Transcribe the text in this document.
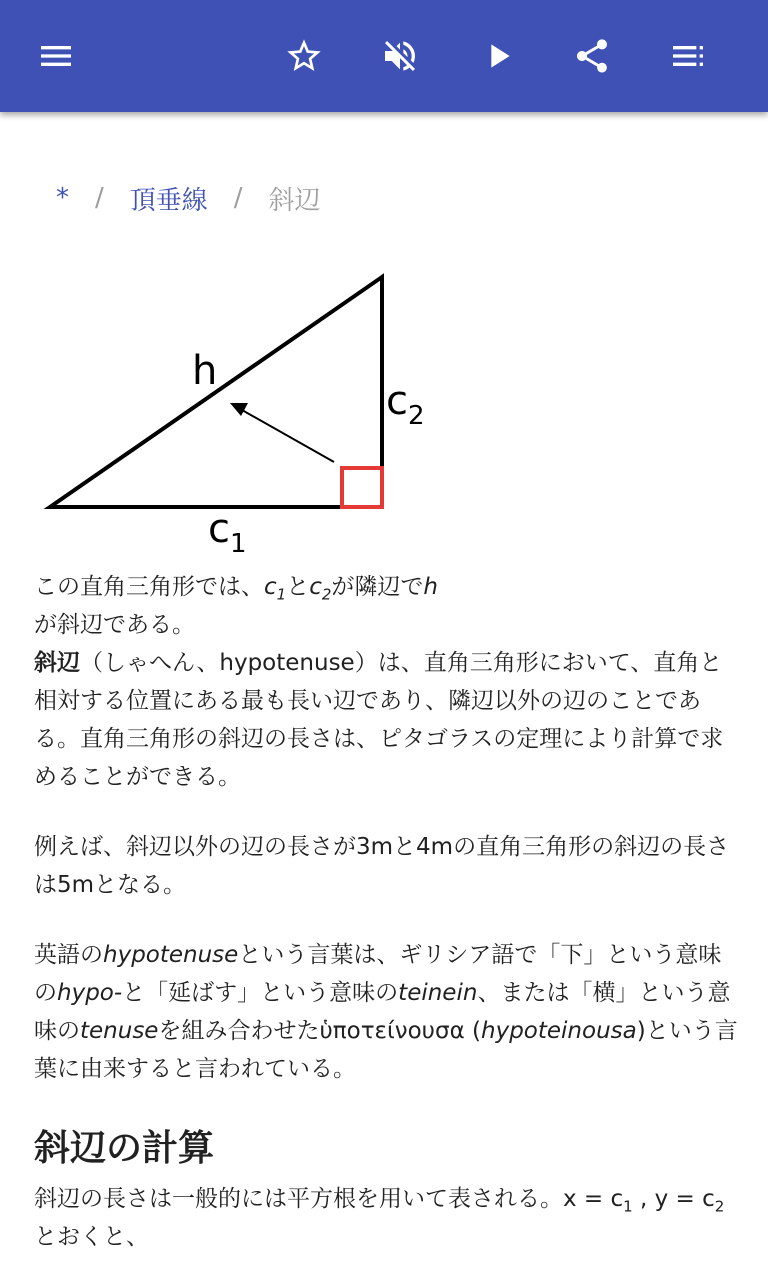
* / 頂垂線 / 斜辺
h
$c_2$
$c_1$
この直角三角形では、$c_1$と$c_2$が隣辺でhが斜辺である。

斜辺（しゃへん、hypotenuse）は、直角三角形において、直角と相対する位置にある最も長い辺であり、隣辺以外の辺のことである。直角三角形の斜辺の長さは、ピタゴラスの定理により計算で求めることができる。

例えば、斜辺以外の辺の長さが3mと4mの直角三角形の斜辺の長さは5mとなる。

英語のhypotenuseという言葉は、ギリシア語で「下」という意味のhypo-と「延ばす」という意味のteinein、または「横」という意味のtenuseを組み合わせたὑποτείνουσα (hypoteinousa)という言葉に由来すると言われている。

斜辺の計算

斜辺の長さは一般的には平方根を用いて表される。$x = c_1$ , $y = c_2$とおくと、
